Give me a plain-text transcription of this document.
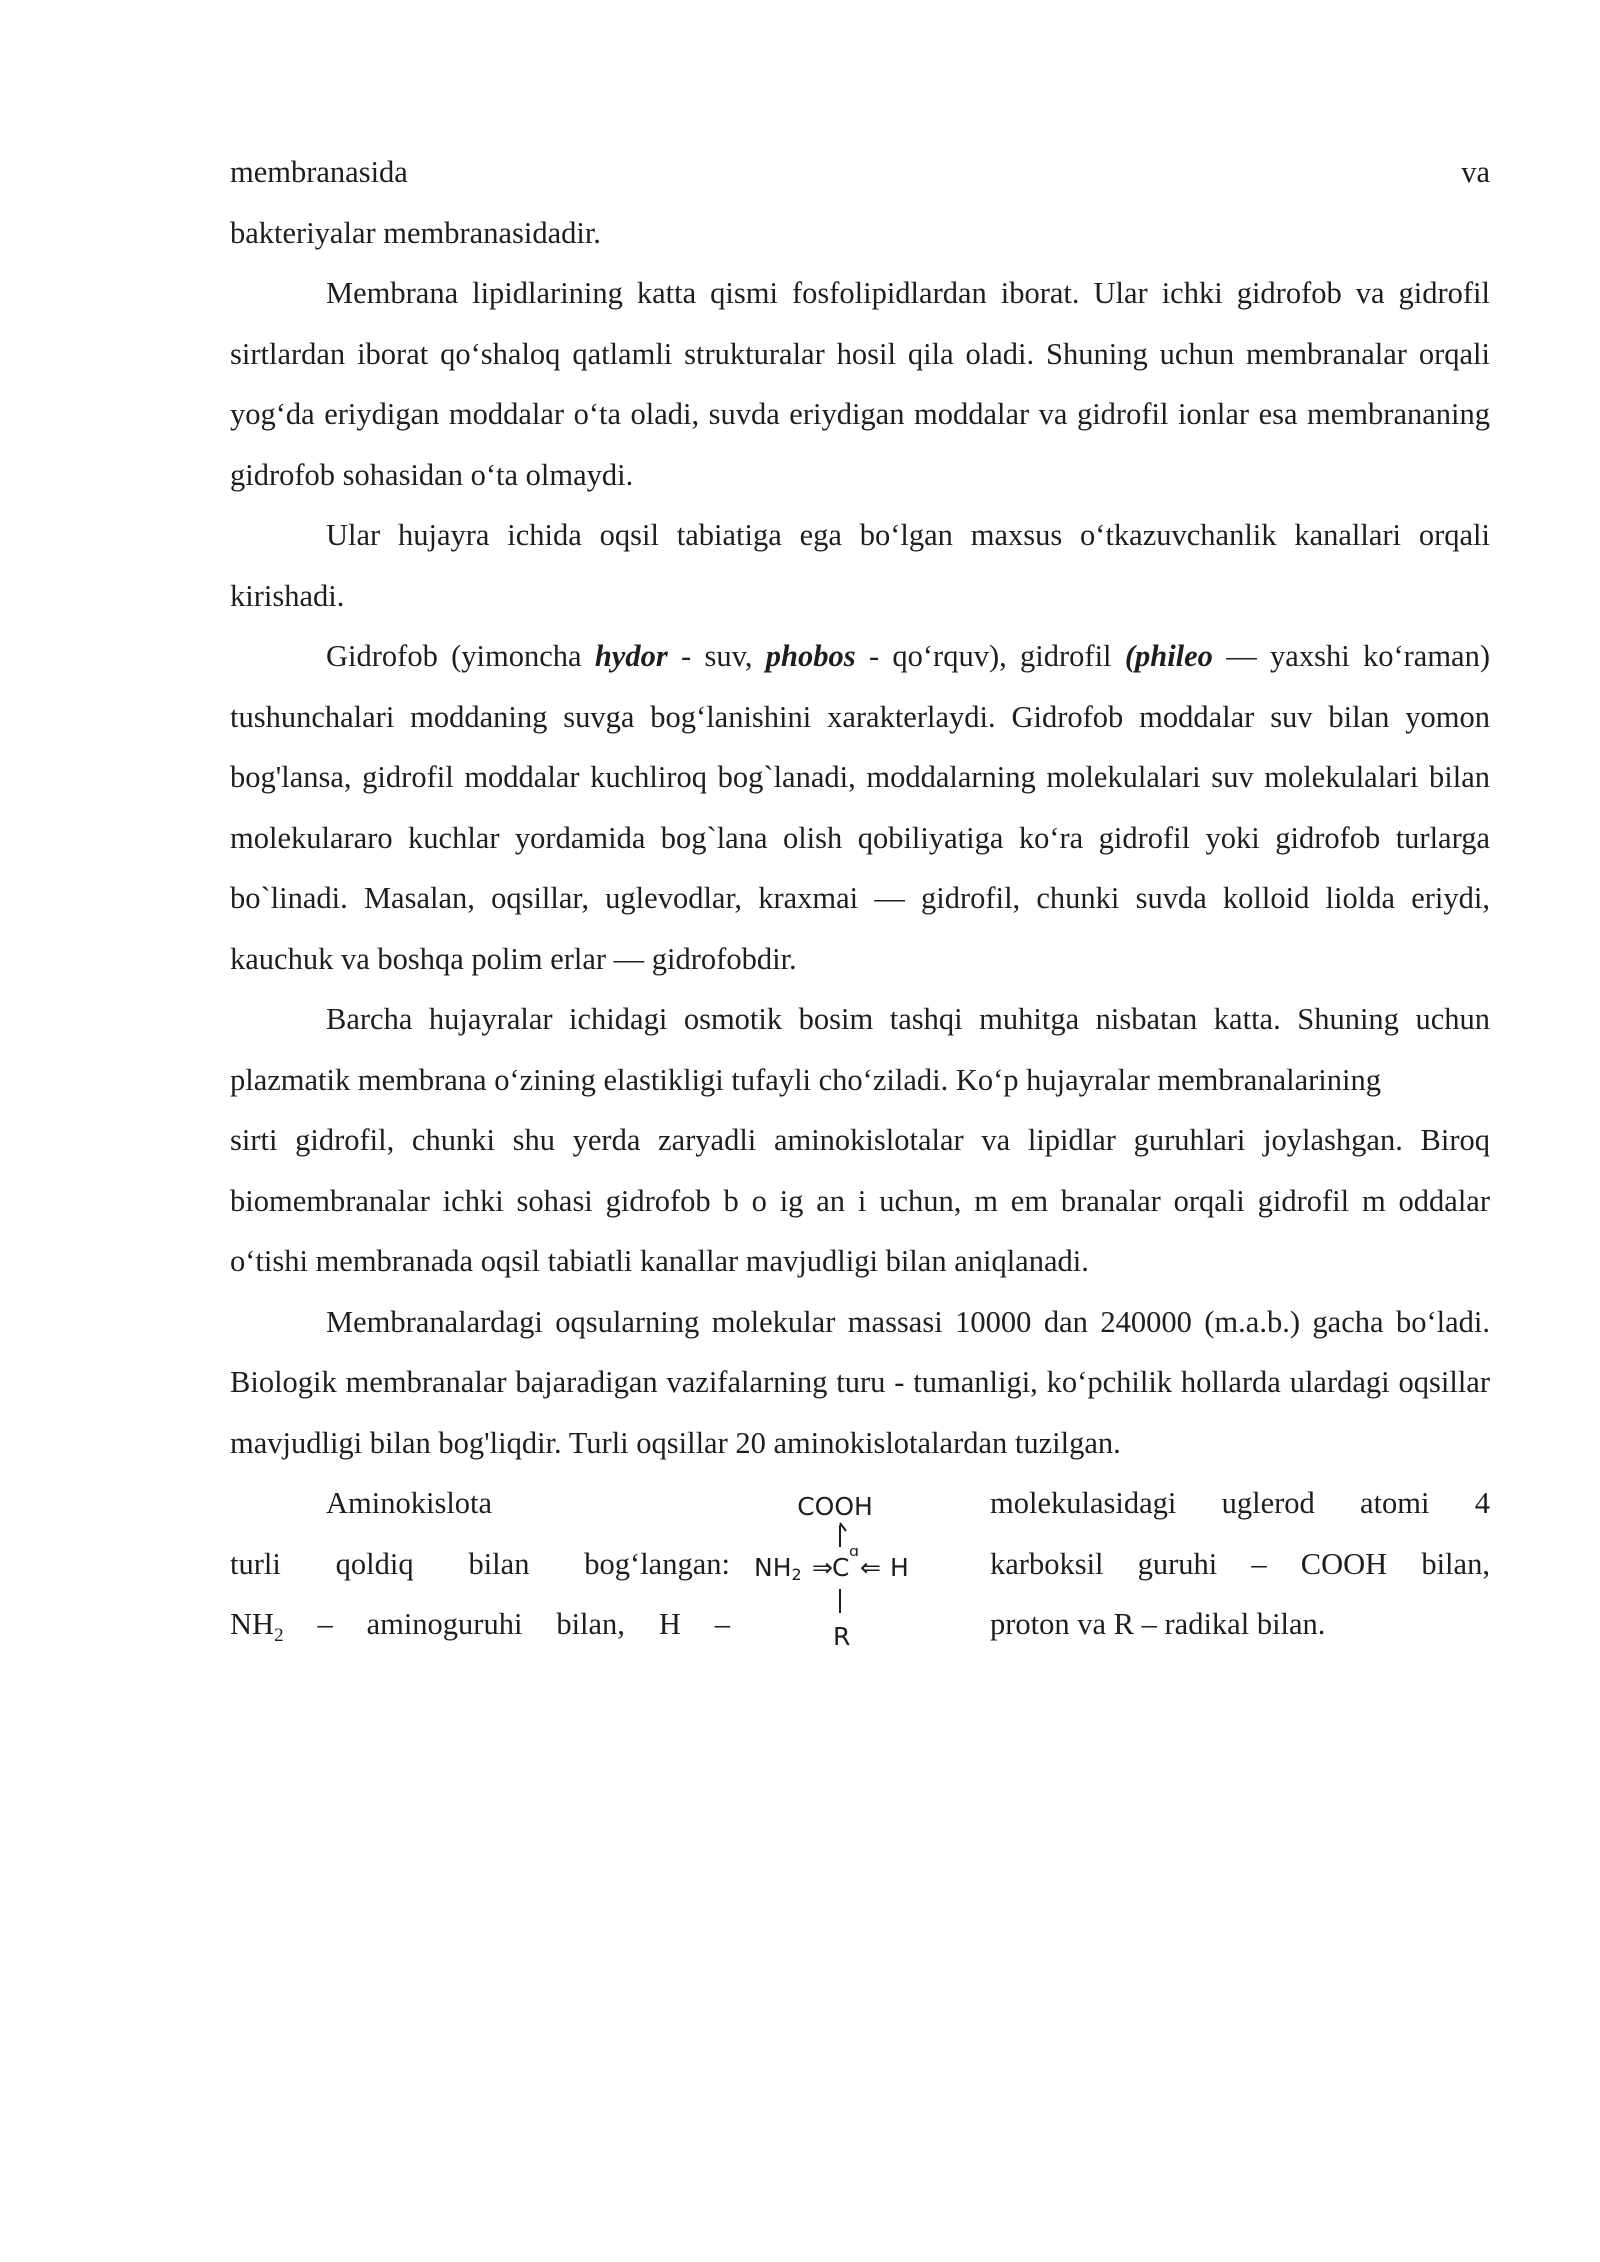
membranasida	va

bakteriyalar membranasidadir.

Membrana lipidlarining katta qismi fosfolipidlardan iborat. Ular ichki gidrofob va gidrofil sirtlardan iborat qo‘shaloq qatlamli strukturalar hosil qila oladi. Shuning uchun membranalar orqali yog‘da eriydigan moddalar o‘ta oladi, suvda eriydigan moddalar va gidrofil ionlar esa membrananing gidrofob sohasidan o‘ta olmaydi.

Ular hujayra ichida oqsil tabiatiga ega bo‘lgan maxsus o‘tkazuvchanlik kanallari orqali kirishadi.

Gidrofob (yimoncha hydor - suv, phobos - qo‘rquv), gidrofil (phileo — yaxshi ko‘raman) tushunchalari moddaning suvga bog‘lanishini xarakterlaydi. Gidrofob moddalar suv bilan yomon bog'lansa, gidrofil moddalar kuchliroq bog`lanadi, moddalarning molekulalari suv molekulalari bilan molekulararo kuchlar yordamida bog`lana olish qobiliyatiga ko‘ra gidrofil yoki gidrofob turlarga bo`linadi. Masalan, oqsillar, uglevodlar, kraxmai — gidrofil, chunki suvda kolloid liolda eriydi, kauchuk va boshqa polim erlar — gidrofobdir.

Barcha hujayralar ichidagi osmotik bosim tashqi muhitga nisbatan katta. Shuning uchun plazmatik membrana o‘zining elastikligi tufayli cho‘ziladi. Ko‘p hujayralar membranalarining

sirti gidrofil, chunki shu yerda zaryadli aminokislotalar va lipidlar guruhlari joylashgan. Biroq biomembranalar ichki sohasi gidrofob b o ig an i uchun, m em branalar orqali gidrofil m oddalar o‘tishi membranada oqsil tabiatli kanallar mavjudligi bilan aniqlanadi.

Membranalardagi oqsularning molekular massasi 10000 dan 240000 (m.a.b.) gacha bo‘ladi. Biologik membranalar bajaradigan vazifalarning turu - tumanligi, ko‘pchilik hollarda ulardagi oqsillar mavjudligi bilan bog'liqdir. Turli oqsillar 20 aminokislotalardan tuzilgan.

Aminokislota
turli qoldiq bilan bog‘langan:
$NH_2$ – aminoguruhi bilan, H –
COOH
NH2 ⇒ C ᵅ ⇐ H
R
molekulasidagi uglerod atomi 4
karboksil guruhi – COOH bilan,
proton va R – radikal bilan.
